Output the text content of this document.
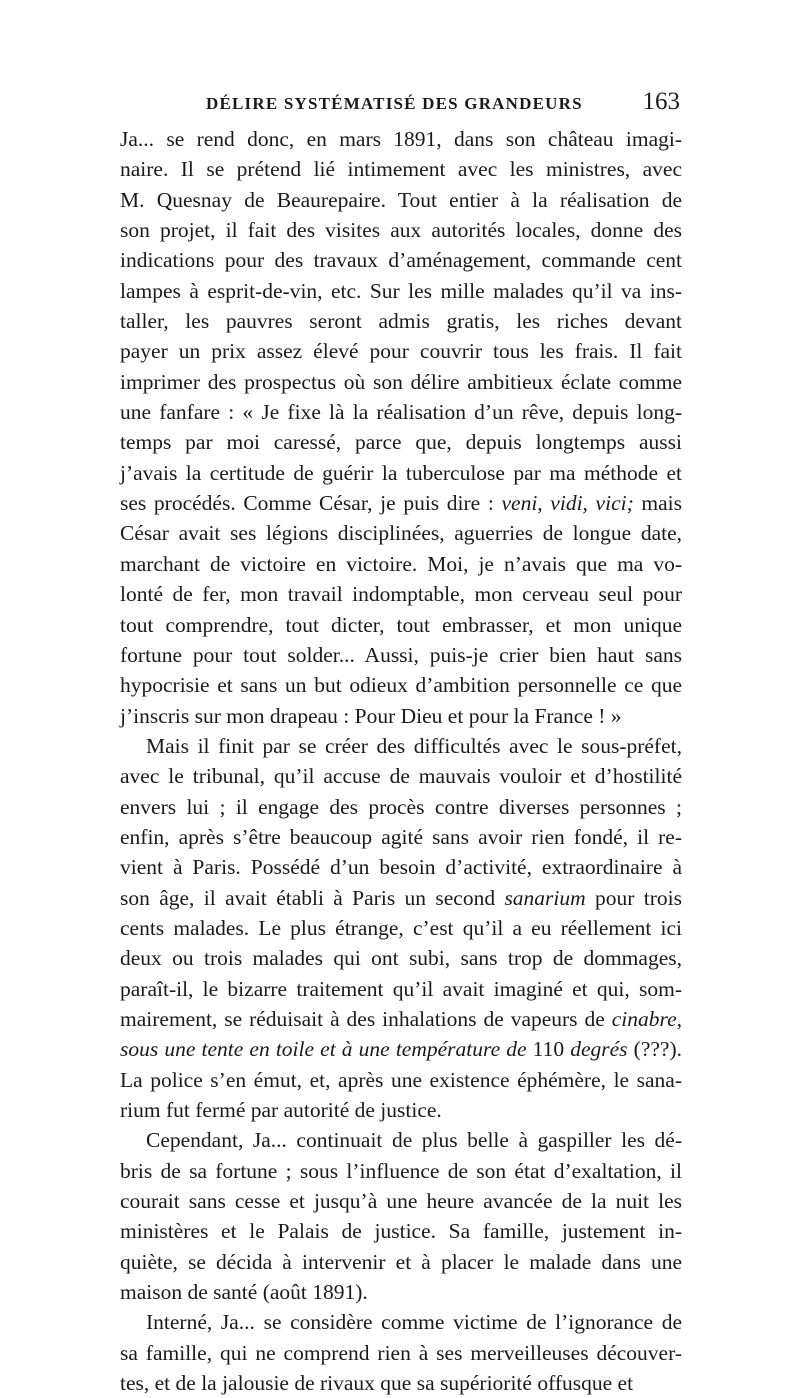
DÉLIRE SYSTÉMATISÉ DES GRANDEURS 163
Ja... se rend donc, en mars 1891, dans son château imagi-
naire. Il se prétend lié intimement avec les ministres, avec
M. Quesnay de Beaurepaire. Tout entier à la réalisation de
son projet, il fait des visites aux autorités locales, donne des
indications pour des travaux d’aménagement, commande cent
lampes à esprit-de-vin, etc. Sur les mille malades qu’il va ins-
taller, les pauvres seront admis gratis, les riches devant
payer un prix assez élevé pour couvrir tous les frais. Il fait
imprimer des prospectus où son délire ambitieux éclate comme
une fanfare : « Je fixe là la réalisation d’un rêve, depuis long-
temps par moi caressé, parce que, depuis longtemps aussi
j’avais la certitude de guérir la tuberculose par ma méthode et
ses procédés. Comme César, je puis dire : veni, vidi, vici; mais
César avait ses légions disciplinées, aguerries de longue date,
marchant de victoire en victoire. Moi, je n’avais que ma vo-
lonté de fer, mon travail indomptable, mon cerveau seul pour
tout comprendre, tout dicter, tout embrasser, et mon unique
fortune pour tout solder... Aussi, puis-je crier bien haut sans
hypocrisie et sans un but odieux d’ambition personnelle ce que
j’inscris sur mon drapeau : Pour Dieu et pour la France ! »
Mais il finit par se créer des difficultés avec le sous-préfet,
avec le tribunal, qu’il accuse de mauvais vouloir et d’hostilité
envers lui ; il engage des procès contre diverses personnes ;
enfin, après s’être beaucoup agité sans avoir rien fondé, il re-
vient à Paris. Possédé d’un besoin d’activité, extraordinaire à
son âge, il avait établi à Paris un second sanarium pour trois
cents malades. Le plus étrange, c’est qu’il a eu réellement ici
deux ou trois malades qui ont subi, sans trop de dommages,
paraît-il, le bizarre traitement qu’il avait imaginé et qui, som-
mairement, se réduisait à des inhalations de vapeurs de cinabre,
sous une tente en toile et à une température de 110 degrés (???).
La police s’en émut, et, après une existence éphémère, le sana-
rium fut fermé par autorité de justice.
Cependant, Ja... continuait de plus belle à gaspiller les dé-
bris de sa fortune ; sous l’influence de son état d’exaltation, il
courait sans cesse et jusqu’à une heure avancée de la nuit les
ministères et le Palais de justice. Sa famille, justement in-
quiète, se décida à intervenir et à placer le malade dans une
maison de santé (août 1891).
Interné, Ja... se considère comme victime de l’ignorance de
sa famille, qui ne comprend rien à ses merveilleuses découver-
tes, et de la jalousie de rivaux que sa supériorité offusque et
